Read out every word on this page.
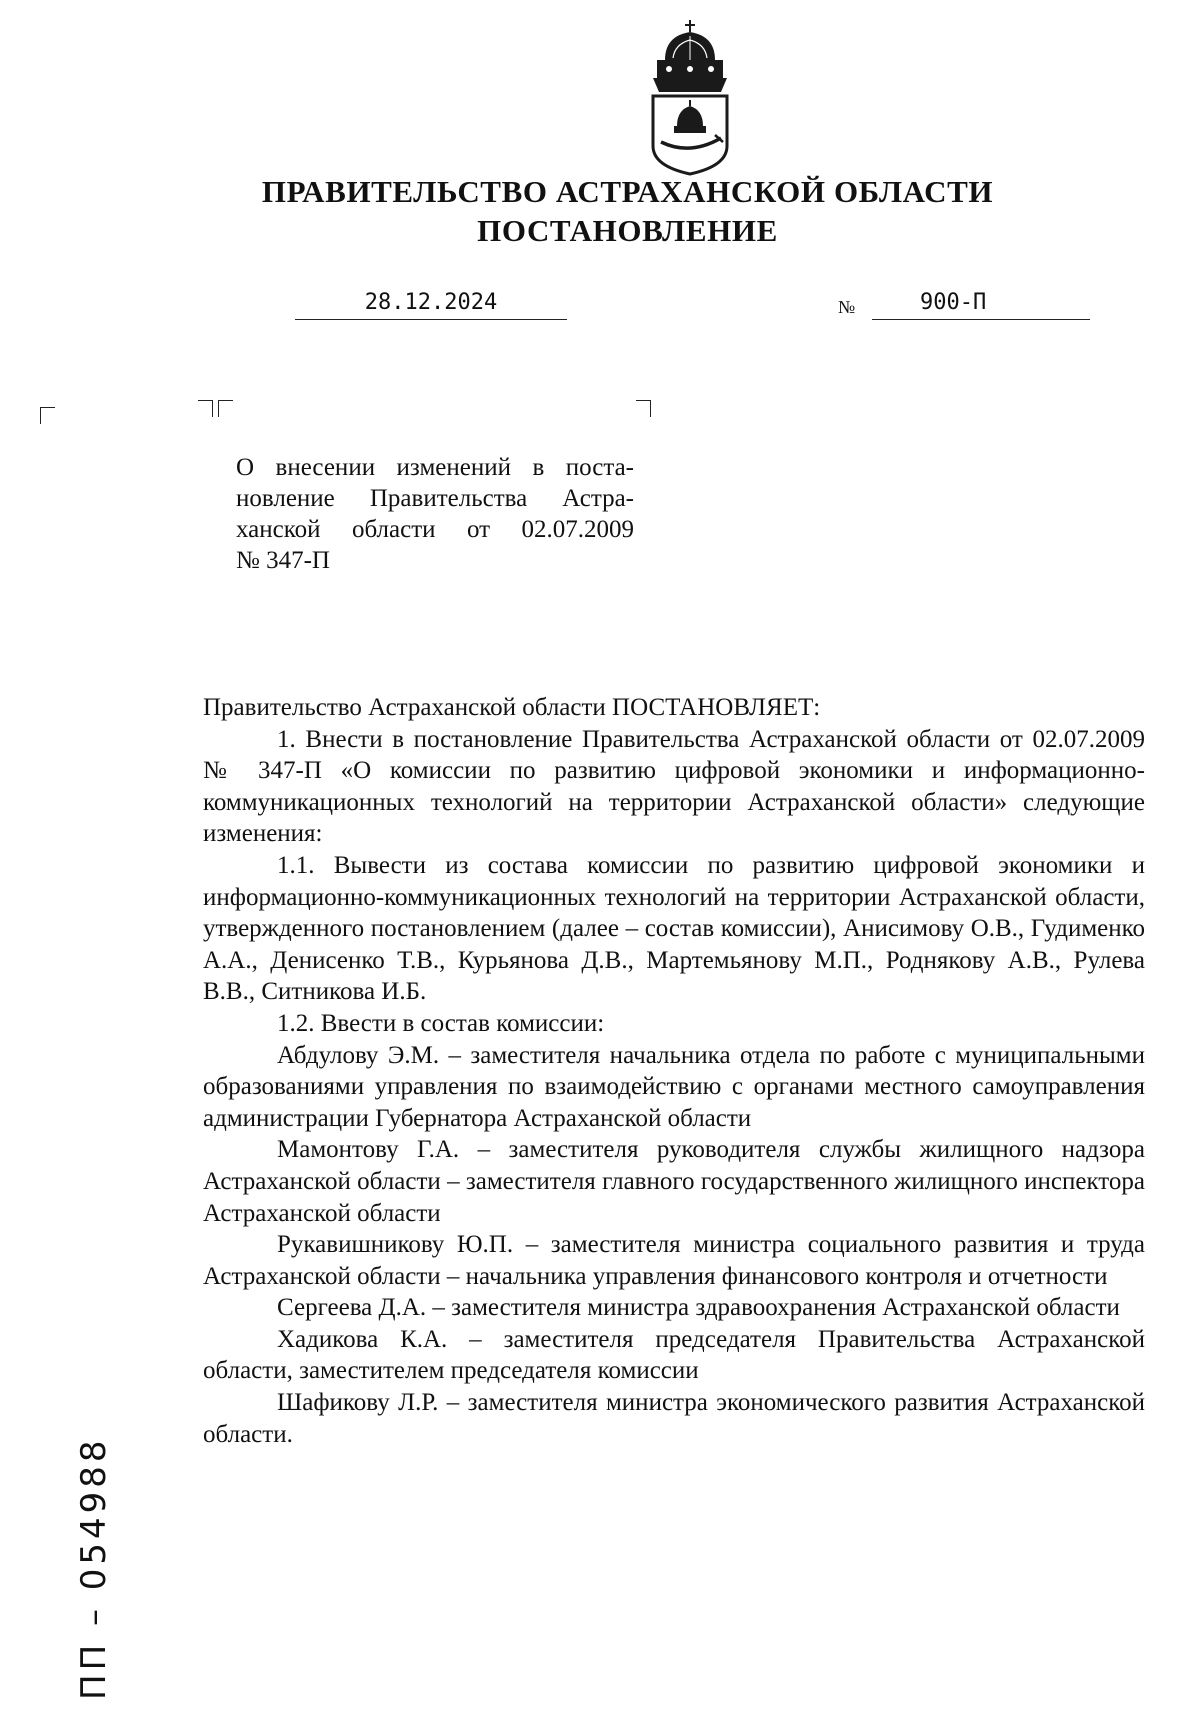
ПРАВИТЕЛЬСТВО АСТРАХАНСКОЙ ОБЛАСТИ
ПОСТАНОВЛЕНИЕ
28.12.2024	№	900-П
О внесении изменений в поста-
новление Правительства Астра-
ханской области от 02.07.2009
№ 347-П

Правительство Астраханской области ПОСТАНОВЛЯЕТ:

1. Внести в постановление Правительства Астраханской области от 02.07.2009 № 347-П «О комиссии по развитию цифровой экономики и информационно-коммуникационных технологий на территории Астраханской области» следующие изменения:

1.1. Вывести из состава комиссии по развитию цифровой экономики и информационно-коммуникационных технологий на территории Астраханской области, утвержденного постановлением (далее – состав комиссии), Анисимову О.В., Гудименко А.А., Денисенко Т.В., Курьянова Д.В., Мартемьянову М.П., Роднякову А.В., Рулева В.В., Ситникова И.Б.

1.2. Ввести в состав комиссии:

Абдулову Э.М. – заместителя начальника отдела по работе с муниципальными образованиями управления по взаимодействию с органами местного самоуправления администрации Губернатора Астраханской области

Мамонтову Г.А. – заместителя руководителя службы жилищного надзора Астраханской области – заместителя главного государственного жилищного инспектора Астраханской области

Рукавишникову Ю.П. – заместителя министра социального развития и труда Астраханской области – начальника управления финансового контроля и отчетности

Сергеева Д.А. – заместителя министра здравоохранения Астраханской области

Хадикова К.А. – заместителя председателя Правительства Астраханской области, заместителем председателя комиссии

Шафикову Л.Р. – заместителя министра экономического развития Астраханской области.

ПП – 054988
